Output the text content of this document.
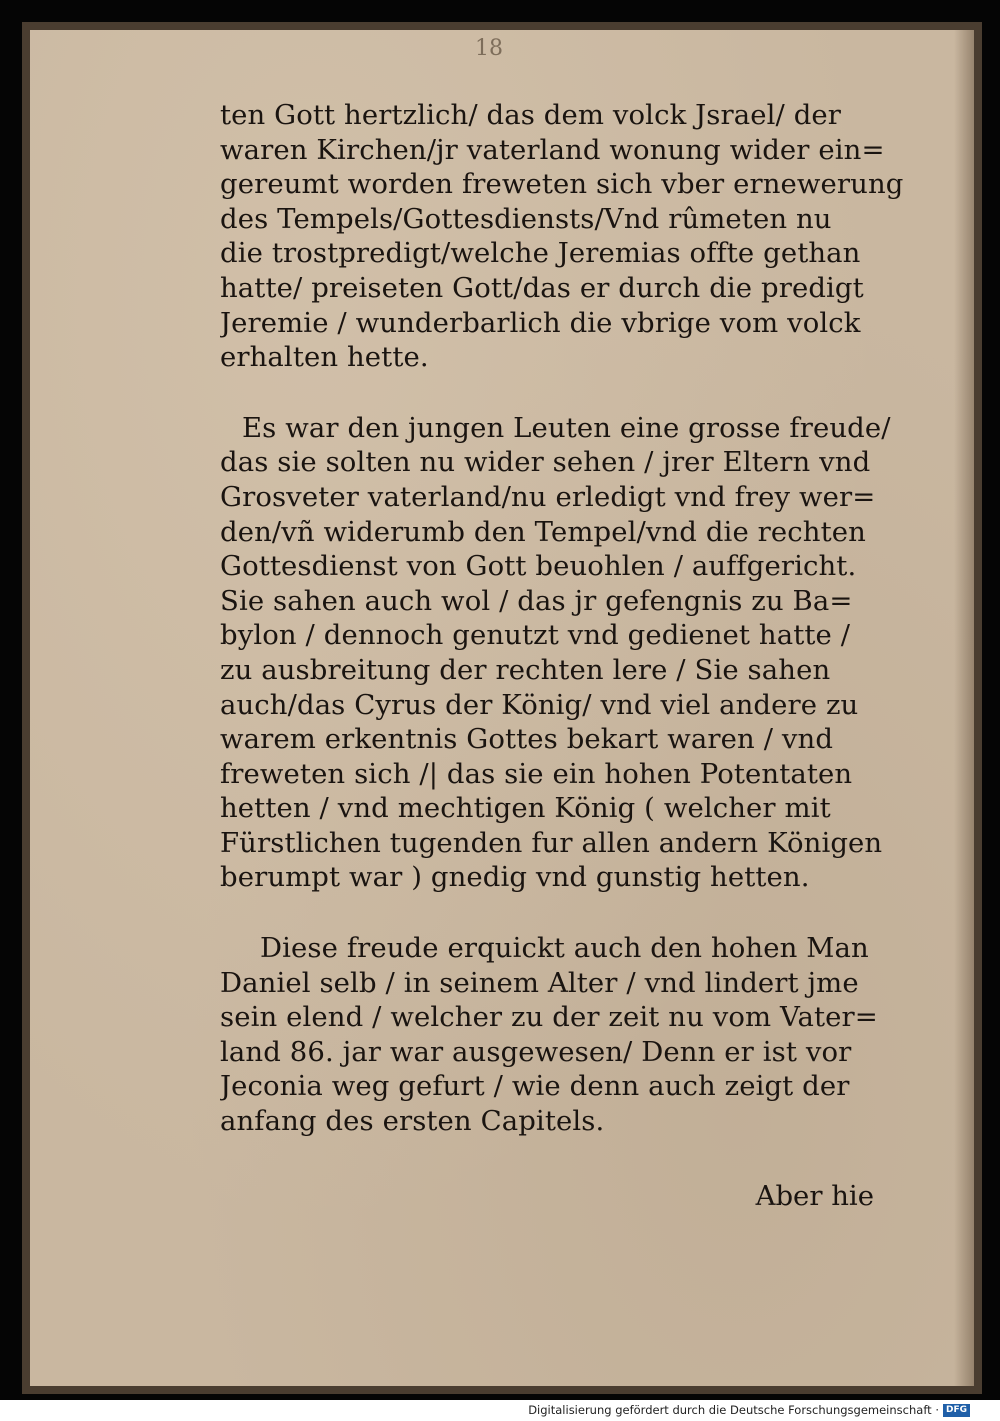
18
ten Gott hertzlich/ das dem volck Jsrael/ der
waren Kirchen/jr vaterland wonung wider ein=
gereumt worden freweten sich vber ernewerung
des Tempels/Gottesdiensts/Vnd rûmeten nu
die trostpredigt/welche Jeremias offte gethan
hatte/ preiseten Gott/das er durch die predigt
Jeremie / wunderbarlich die vbrige vom volck
erhalten hette.
Es war den jungen Leuten eine grosse freude/
das sie solten nu wider sehen / jrer Eltern vnd
Grosveter vaterland/nu erledigt vnd frey wer=
den/vñ widerumb den Tempel/vnd die rechten
Gottesdienst von Gott beuohlen / auffgericht.
Sie sahen auch wol / das jr gefengnis zu Ba=
bylon / dennoch genutzt vnd gedienet hatte /
zu ausbreitung der rechten lere / Sie sahen
auch/das Cyrus der König/ vnd viel andere zu
warem erkentnis Gottes bekart waren / vnd
freweten sich /| das sie ein hohen Potentaten
hetten / vnd mechtigen König ( welcher mit
Fürstlichen tugenden fur allen andern Königen
berumpt war ) gnedig vnd gunstig hetten.
Diese freude erquickt auch den hohen Man
Daniel selb / in seinem Alter / vnd lindert jme
sein elend / welcher zu der zeit nu vom Vater=
land 86. jar war ausgewesen/ Denn er ist vor
Jeconia weg gefurt / wie denn auch zeigt der
anfang des ersten Capitels.
Aber hie
Digitalisierung gefördert durch die Deutsche Forschungsgemeinschaft · DFG
